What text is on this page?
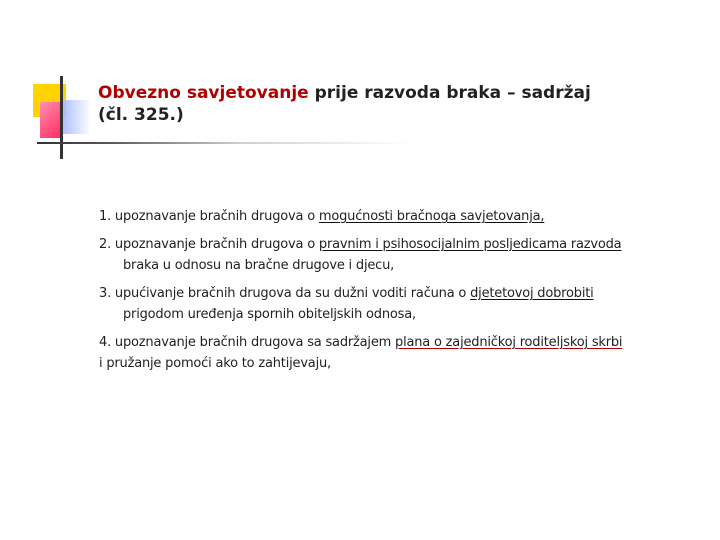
Obvezno savjetovanje prije razvoda braka – sadržaj
(čl. 325.)

1. upoznavanje bračnih drugova o mogućnosti bračnoga savjetovanja,

2. upoznavanje bračnih drugova o pravnim i psihosocijalnim posljedicama razvoda
braka u odnosu na bračne drugove i djecu,

3. upućivanje bračnih drugova da su dužni voditi računa o djetetovoj dobrobiti
prigodom uređenja spornih obiteljskih odnosa,

4. upoznavanje bračnih drugova sa sadržajem plana o zajedničkoj roditeljskoj skrbi
i pružanje pomoći ako to zahtijevaju,
